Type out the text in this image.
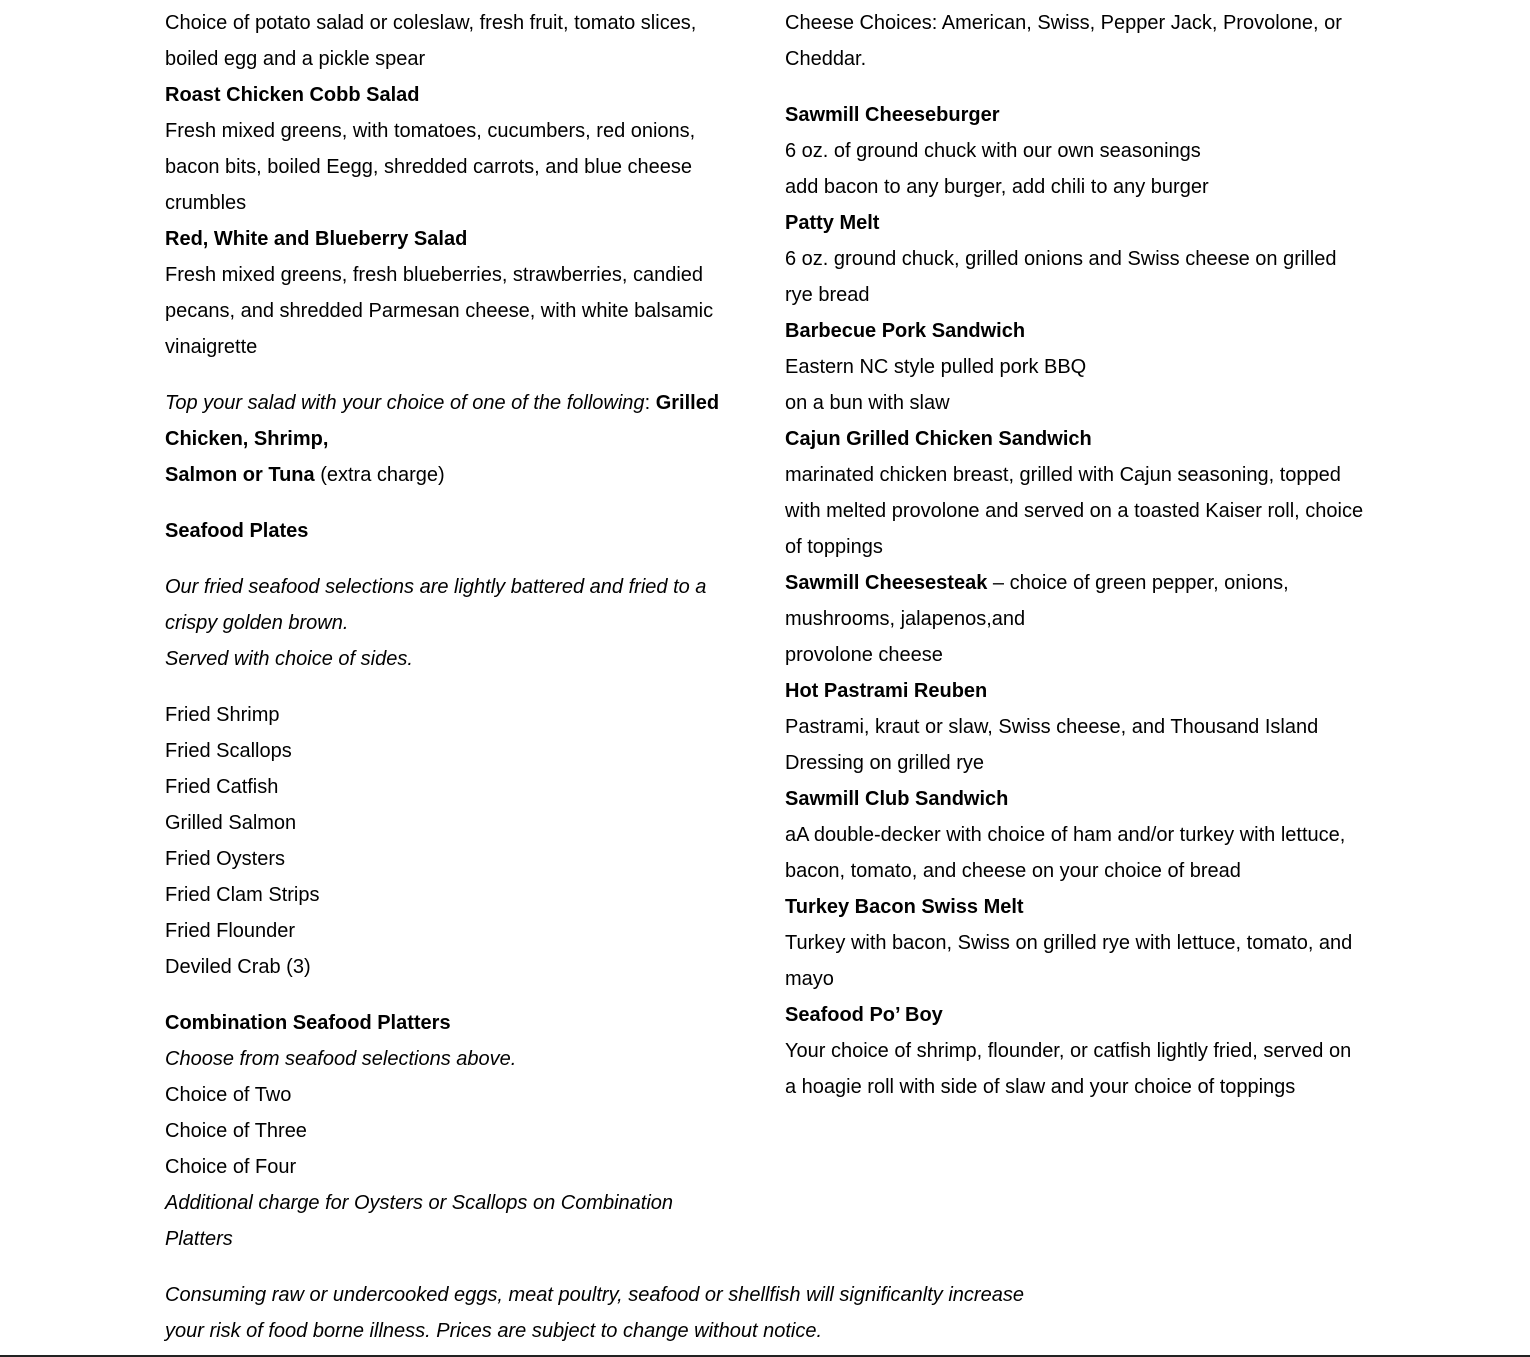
Choice of potato salad or coleslaw, fresh fruit, tomato slices,
boiled egg and a pickle spear
Roast Chicken Cobb Salad
Fresh mixed greens, with tomatoes, cucumbers, red onions,
bacon bits, boiled Eegg, shredded carrots, and blue cheese
crumbles
Red, White and Blueberry Salad
Fresh mixed greens, fresh blueberries, strawberries, candied
pecans, and shredded Parmesan cheese, with white balsamic
vinaigrette
Top your salad with your choice of one of the following: Grilled
Chicken, Shrimp,
Salmon or Tuna (extra charge)
Seafood Plates
Our fried seafood selections are lightly battered and fried to a
crispy golden brown.
Served with choice of sides.
Fried Shrimp
Fried Scallops
Fried Catfish
Grilled Salmon
Fried Oysters
Fried Clam Strips
Fried Flounder
Deviled Crab (3)
Combination Seafood Platters
Choose from seafood selections above.
Choice of Two
Choice of Three
Choice of Four
Additional charge for Oysters or Scallops on Combination
Platters
Cheese Choices: American, Swiss, Pepper Jack, Provolone, or
Cheddar.
Sawmill Cheeseburger
6 oz. of ground chuck with our own seasonings
add bacon to any burger, add chili to any burger
Patty Melt
6 oz. ground chuck, grilled onions and Swiss cheese on grilled
rye bread
Barbecue Pork Sandwich
Eastern NC style pulled pork BBQ
on a bun with slaw
Cajun Grilled Chicken Sandwich
marinated chicken breast, grilled with Cajun seasoning, topped
with melted provolone and served on a toasted Kaiser roll, choice
of toppings
Sawmill Cheesesteak – choice of green pepper, onions,
mushrooms, jalapenos,and
provolone cheese
Hot Pastrami Reuben
Pastrami, kraut or slaw, Swiss cheese, and Thousand Island
Dressing on grilled rye
Sawmill Club Sandwich
aA double-decker with choice of ham and/or turkey with lettuce,
bacon, tomato, and cheese on your choice of bread
Turkey Bacon Swiss Melt
Turkey with bacon, Swiss on grilled rye with lettuce, tomato, and
mayo
Seafood Po’ Boy
Your choice of shrimp, flounder, or catfish lightly fried, served on
a hoagie roll with side of slaw and your choice of toppings
Consuming raw or undercooked eggs, meat poultry, seafood or shellfish will significanlty increase
your risk of food borne illness. Prices are subject to change without notice.
